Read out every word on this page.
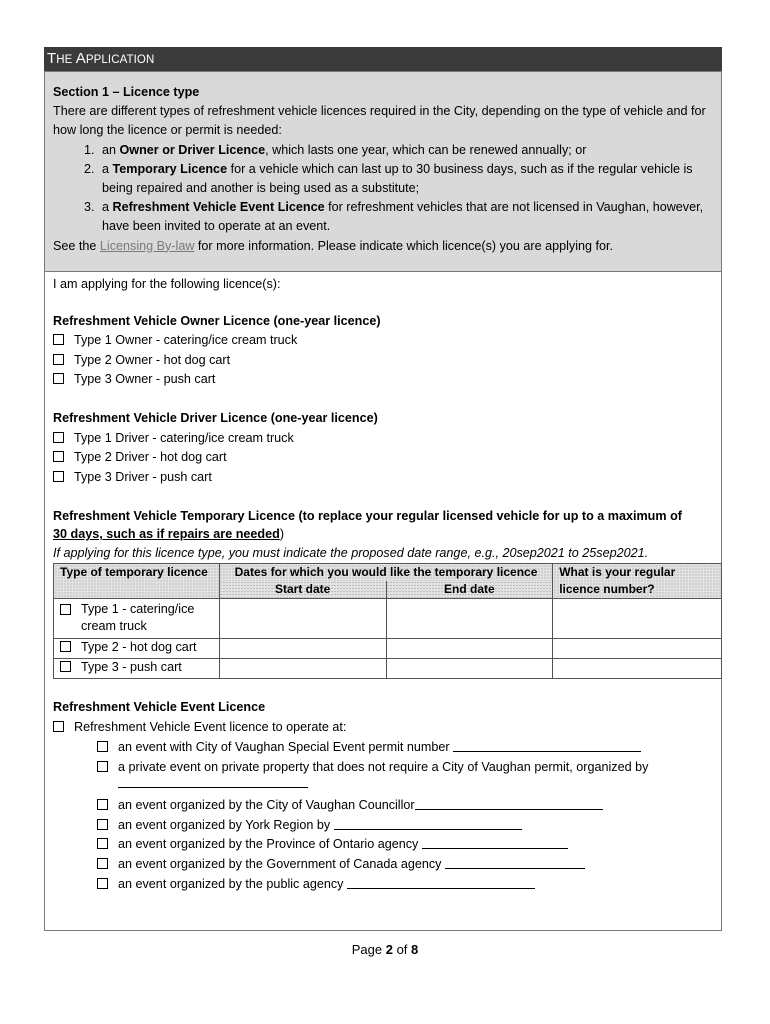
THE APPLICATION

Section 1 – Licence type

There are different types of refreshment vehicle licences required in the City, depending on the type of vehicle and for how long the licence or permit is needed:

1. an Owner or Driver Licence, which lasts one year, which can be renewed annually; or
2. a Temporary Licence for a vehicle which can last up to 30 business days, such as if the regular vehicle is being repaired and another is being used as a substitute;
3. a Refreshment Vehicle Event Licence for refreshment vehicles that are not licensed in Vaughan, however, have been invited to operate at an event.

See the Licensing By-law for more information. Please indicate which licence(s) you are applying for.

I am applying for the following licence(s):
Refreshment Vehicle Owner Licence (one-year licence)
Type 1 Owner - catering/ice cream truck
Type 2 Owner - hot dog cart
Type 3 Owner - push cart
Refreshment Vehicle Driver Licence (one-year licence)
Type 1 Driver - catering/ice cream truck
Type 2 Driver - hot dog cart
Type 3 Driver - push cart
Refreshment Vehicle Temporary Licence (to replace your regular licensed vehicle for up to a maximum of
30 days, such as if repairs are needed)
If applying for this licence type, you must indicate the proposed date range, e.g., 20sep2021 to 25sep2021.
Type of temporary licence	Dates for which you would like the temporary licence		What is your regular licence number?
	Start date	End date	

Type 1 - catering/ice cream truck			

Type 2 - hot dog cart			
Type 3 - push cart			
Refreshment Vehicle Event Licence
Refreshment Vehicle Event licence to operate at:
an event with City of Vaughan Special Event permit number
a private event on private property that does not require a City of Vaughan permit, organized by
an event organized by the City of Vaughan Councillor
an event organized by York Region by
an event organized by the Province of Ontario agency
an event organized by the Government of Canada agency
an event organized by the public agency
Page 2 of 8
